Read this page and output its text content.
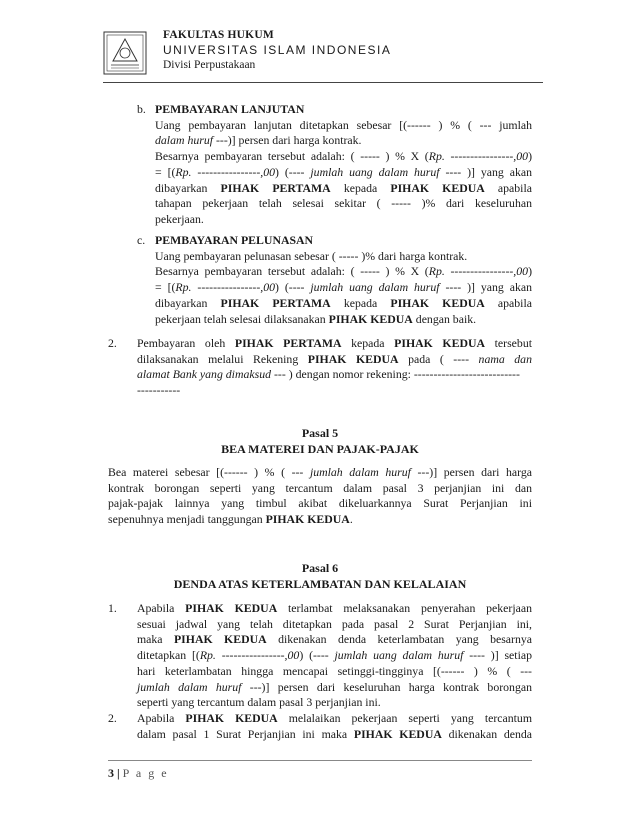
FAKULTAS HUKUM
UNIVERSITAS ISLAM INDONESIA
Divisi Perpustakaan
b. PEMBAYARAN LANJUTAN
Uang pembayaran lanjutan ditetapkan sebesar [(------ ) % ( --- jumlah
dalam huruf ---)] persen dari harga kontrak.
Besarnya pembayaran tersebut adalah: ( ----- ) % X (Rp. ----------------,00)
= [(Rp. ----------------,00) (---- jumlah uang dalam huruf ---- )] yang akan
dibayarkan PIHAK PERTAMA kepada PIHAK KEDUA apabila
tahapan pekerjaan telah selesai sekitar ( ----- )% dari keseluruhan
pekerjaan.
c. PEMBAYARAN PELUNASAN
Uang pembayaran pelunasan sebesar ( ----- )% dari harga kontrak.
Besarnya pembayaran tersebut adalah: ( ----- ) % X (Rp. ----------------,00)
= [(Rp. ----------------,00) (---- jumlah uang dalam huruf ---- )] yang akan
dibayarkan PIHAK PERTAMA kepada PIHAK KEDUA apabila
pekerjaan telah selesai dilaksanakan PIHAK KEDUA dengan baik.
2. Pembayaran oleh PIHAK PERTAMA kepada PIHAK KEDUA tersebut
dilaksanakan melalui Rekening PIHAK KEDUA pada ( ---- nama dan
alamat Bank yang dimaksud --- ) dengan nomor rekening: ---------------------------
-----------
Pasal 5
BEA MATEREI DAN PAJAK-PAJAK
Bea materei sebesar [(------ ) % ( --- jumlah dalam huruf ---)] persen dari harga
kontrak borongan seperti yang tercantum dalam pasal 3 perjanjian ini dan
pajak-pajak lainnya yang timbul akibat dikeluarkannya Surat Perjanjian ini
sepenuhnya menjadi tanggungan PIHAK KEDUA.
Pasal 6
DENDA ATAS KETERLAMBATAN DAN KELALAIAN
1. Apabila PIHAK KEDUA terlambat melaksanakan penyerahan pekerjaan
sesuai jadwal yang telah ditetapkan pada pasal 2 Surat Perjanjian ini,
maka PIHAK KEDUA dikenakan denda keterlambatan yang besarnya
ditetapkan [(Rp. ----------------,00) (---- jumlah uang dalam huruf ---- )] setiap
hari keterlambatan hingga mencapai setinggi-tingginya [(------ ) % ( ---
jumlah dalam huruf ---)] persen dari keseluruhan harga kontrak borongan
seperti yang tercantum dalam pasal 3 perjanjian ini.
2. Apabila PIHAK KEDUA melalaikan pekerjaan seperti yang tercantum
dalam pasal 1 Surat Perjanjian ini maka PIHAK KEDUA dikenakan denda
3 | P a g e
